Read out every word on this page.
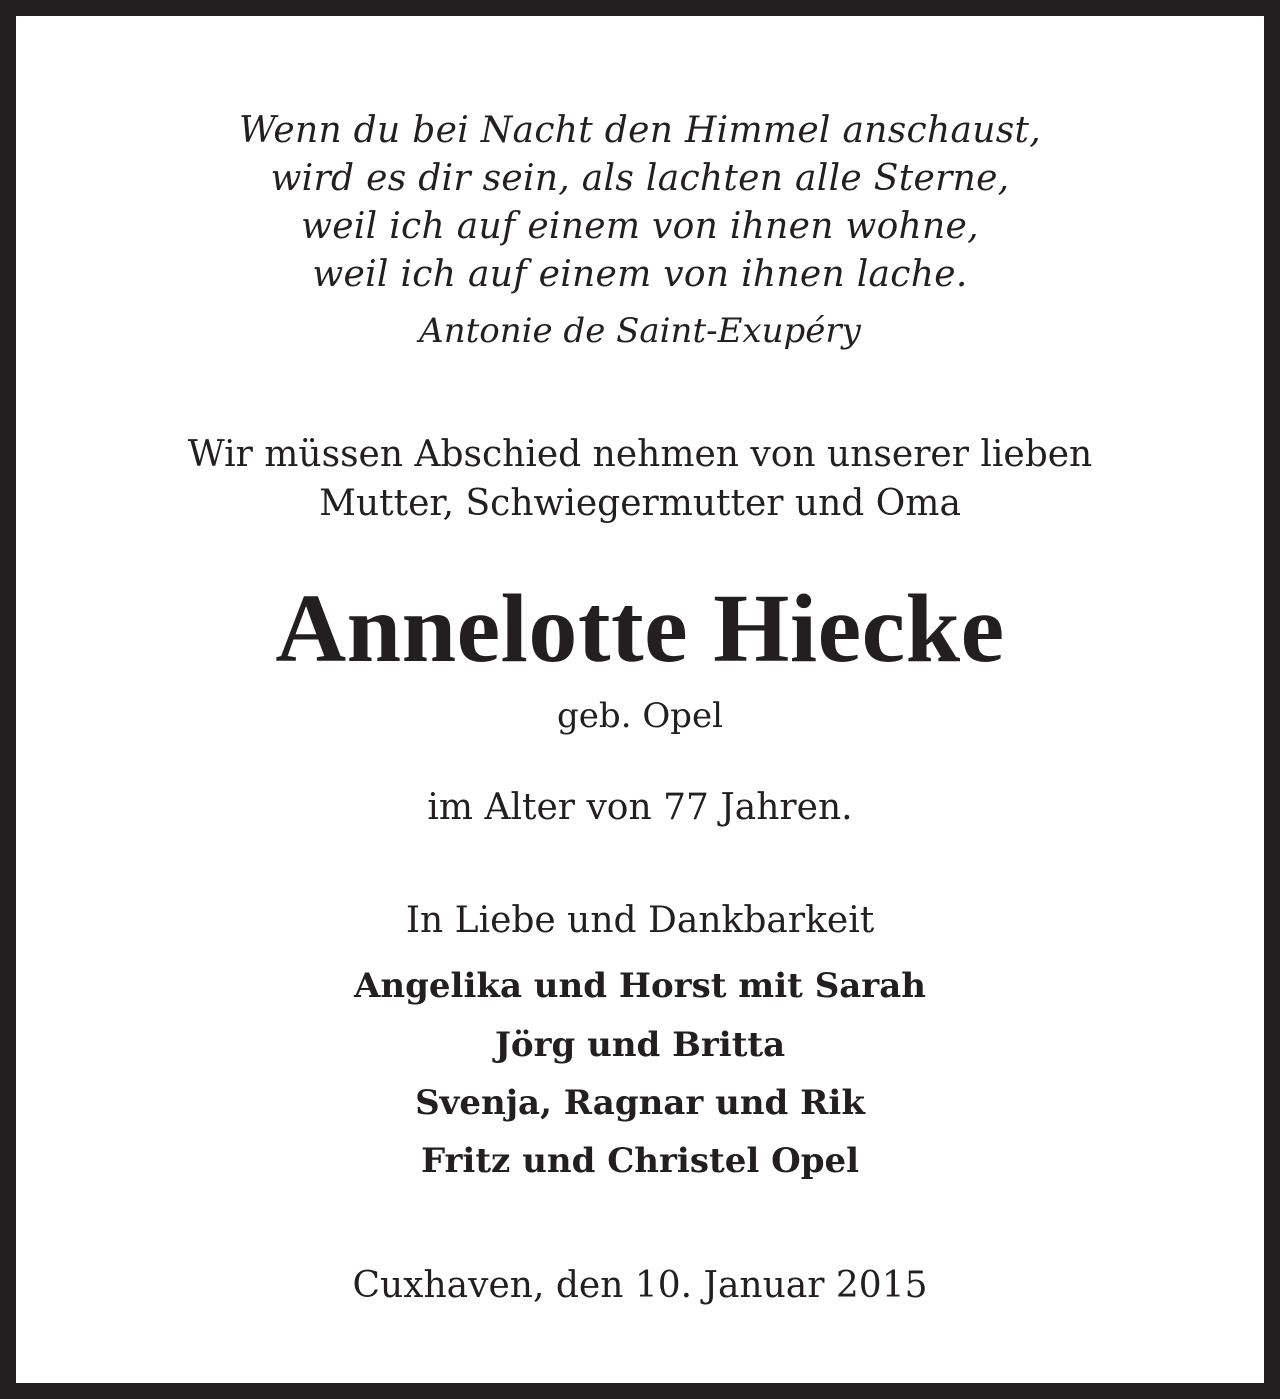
Wenn du bei Nacht den Himmel anschaust,

wird es dir sein, als lachten alle Sterne,

weil ich auf einem von ihnen wohne,

weil ich auf einem von ihnen lache.

Antonie de Saint-Exupéry

Wir müssen Abschied nehmen von unserer lieben

Mutter, Schwiegermutter und Oma

Annelotte Hiecke

geb. Opel

im Alter von 77 Jahren.

In Liebe und Dankbarkeit

Angelika und Horst mit Sarah

Jörg und Britta

Svenja, Ragnar und Rik

Fritz und Christel Opel

Cuxhaven, den 10. Januar 2015
